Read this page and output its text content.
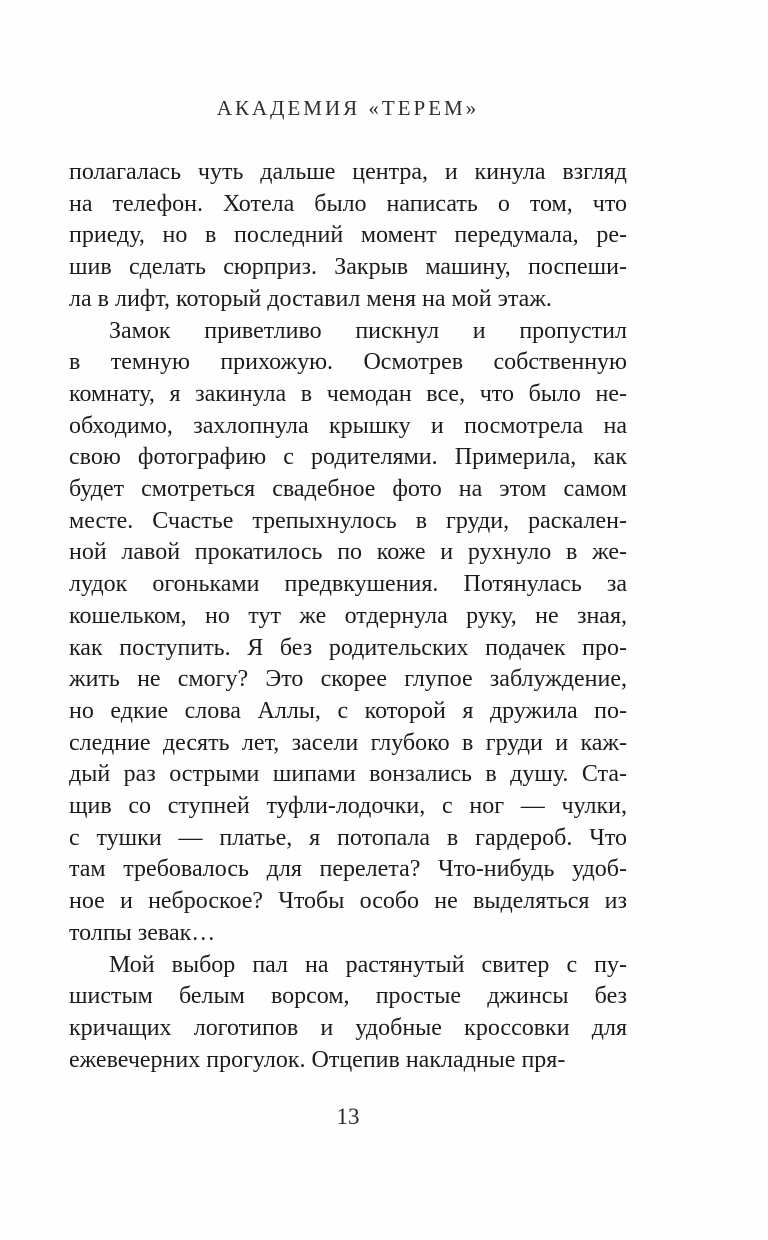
АКАДЕМИЯ «ТЕРЕМ»
полагалась чуть дальше центра, и кинула взгляд
на телефон. Хотела было написать о том, что
приеду, но в последний момент передумала, ре-
шив сделать сюрприз. Закрыв машину, поспеши-
ла в лифт, который доставил меня на мой этаж.
Замок приветливо пискнул и пропустил
в темную прихожую. Осмотрев собственную
комнату, я закинула в чемодан все, что было не-
обходимо, захлопнула крышку и посмотрела на
свою фотографию с родителями. Примерила, как
будет смотреться свадебное фото на этом самом
месте. Счастье трепыхнулось в груди, раскален-
ной лавой прокатилось по коже и рухнуло в же-
лудок огоньками предвкушения. Потянулась за
кошельком, но тут же отдернула руку, не зная,
как поступить. Я без родительских подачек про-
жить не смогу? Это скорее глупое заблуждение,
но едкие слова Аллы, с которой я дружила по-
следние десять лет, засели глубоко в груди и каж-
дый раз острыми шипами вонзались в душу. Ста-
щив со ступней туфли-лодочки, с ног — чулки,
с тушки — платье, я потопала в гардероб. Что
там требовалось для перелета? Что-нибудь удоб-
ное и неброское? Чтобы особо не выделяться из
толпы зевак…
Мой выбор пал на растянутый свитер с пу-
шистым белым ворсом, простые джинсы без
кричащих логотипов и удобные кроссовки для
ежевечерних прогулок. Отцепив накладные пря-
13
